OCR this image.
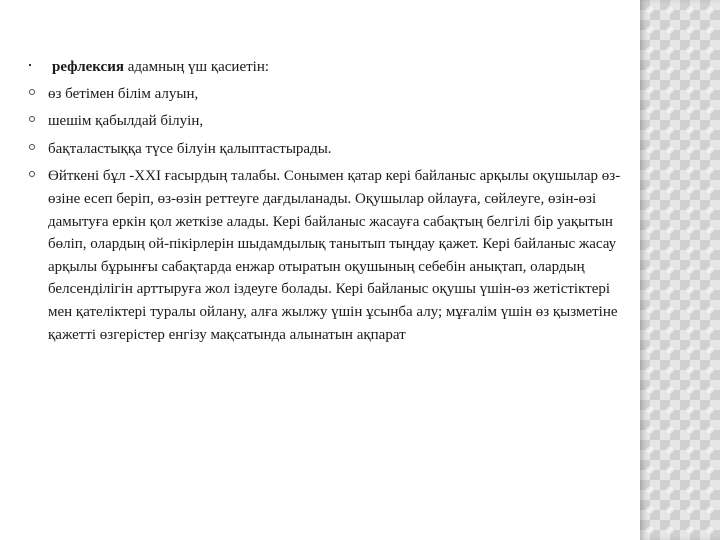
рефлексия адамның үш қасиетін:
өз бетімен білім алуын,
шешім қабылдай білуін,
бақталастыққа түсе білуін қалыптастырады.
Өйткені бұл -XXI ғасырдың талабы. Сонымен қатар кері байланыс арқылы оқушылар өз-өзіне есеп беріп, өз-өзін реттеуге дағдыланады. Оқушылар ойлауға, сөйлеуге, өзін-өзі дамытуға еркін қол жеткізе алады. Кері байланыс жасауға сабақтың белгілі бір уақытын бөліп, олардың ой-пікірлерін шыдамдылық танытып тыңдау қажет. Кері байланыс жасау арқылы бұрынғы сабақтарда енжар отыратын оқушының себебін анықтап, олардың белсенділігін арттыруға жол іздеуге болады. Кері байланыс оқушы үшін-өз жетістіктері мен қателіктері туралы ойлану, алға жылжу үшін ұсынба алу; мұғалім үшін өз қызметіне қажетті өзгерістер енгізу мақсатында алынатын ақпарат
